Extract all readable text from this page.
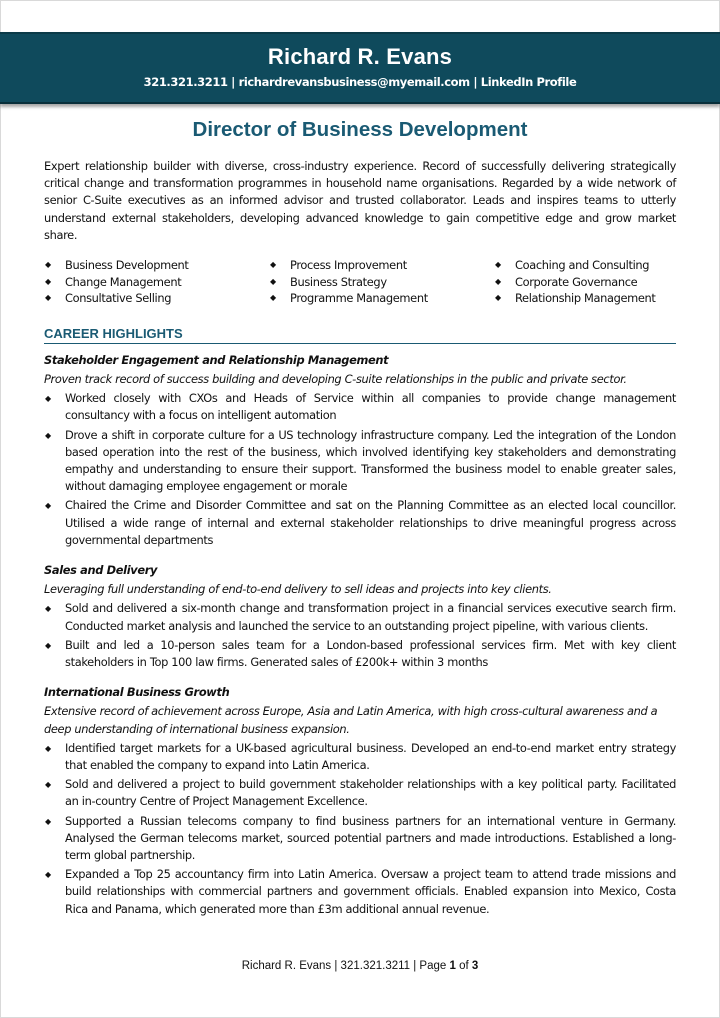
Richard R. Evans
321.321.3211 | richardrevansbusiness@myemail.com | LinkedIn Profile
Director of Business Development

Expert relationship builder with diverse, cross-industry experience. Record of successfully delivering strategically critical change and transformation programmes in household name organisations. Regarded by a wide network of senior C-Suite executives as an informed advisor and trusted collaborator. Leads and inspires teams to utterly understand external stakeholders, developing advanced knowledge to gain competitive edge and grow market share.

◆ Business Development
◆ Change Management
◆ Consultative Selling
◆ Process Improvement
◆ Business Strategy
◆ Programme Management
◆ Coaching and Consulting
◆ Corporate Governance
◆ Relationship Management
CAREER HIGHLIGHTS
Stakeholder Engagement and Relationship Management
Proven track record of success building and developing C-suite relationships in the public and private sector.
◆ Worked closely with CXOs and Heads of Service within all companies to provide change management consultancy with a focus on intelligent automation
◆ Drove a shift in corporate culture for a US technology infrastructure company. Led the integration of the London based operation into the rest of the business, which involved identifying key stakeholders and demonstrating empathy and understanding to ensure their support. Transformed the business model to enable greater sales, without damaging employee engagement or morale
◆ Chaired the Crime and Disorder Committee and sat on the Planning Committee as an elected local councillor. Utilised a wide range of internal and external stakeholder relationships to drive meaningful progress across governmental departments
Sales and Delivery
Leveraging full understanding of end-to-end delivery to sell ideas and projects into key clients.
◆ Sold and delivered a six-month change and transformation project in a financial services executive search firm. Conducted market analysis and launched the service to an outstanding project pipeline, with various clients.
◆ Built and led a 10-person sales team for a London-based professional services firm. Met with key client stakeholders in Top 100 law firms. Generated sales of £200k+ within 3 months
International Business Growth
Extensive record of achievement across Europe, Asia and Latin America, with high cross-cultural awareness and a deep understanding of international business expansion.
◆ Identified target markets for a UK-based agricultural business. Developed an end-to-end market entry strategy that enabled the company to expand into Latin America.
◆ Sold and delivered a project to build government stakeholder relationships with a key political party. Facilitated an in-country Centre of Project Management Excellence.
◆ Supported a Russian telecoms company to find business partners for an international venture in Germany. Analysed the German telecoms market, sourced potential partners and made introductions. Established a long-term global partnership.
◆ Expanded a Top 25 accountancy firm into Latin America. Oversaw a project team to attend trade missions and build relationships with commercial partners and government officials. Enabled expansion into Mexico, Costa Rica and Panama, which generated more than £3m additional annual revenue.
Richard R. Evans | 321.321.3211 | Page 1 of 3
